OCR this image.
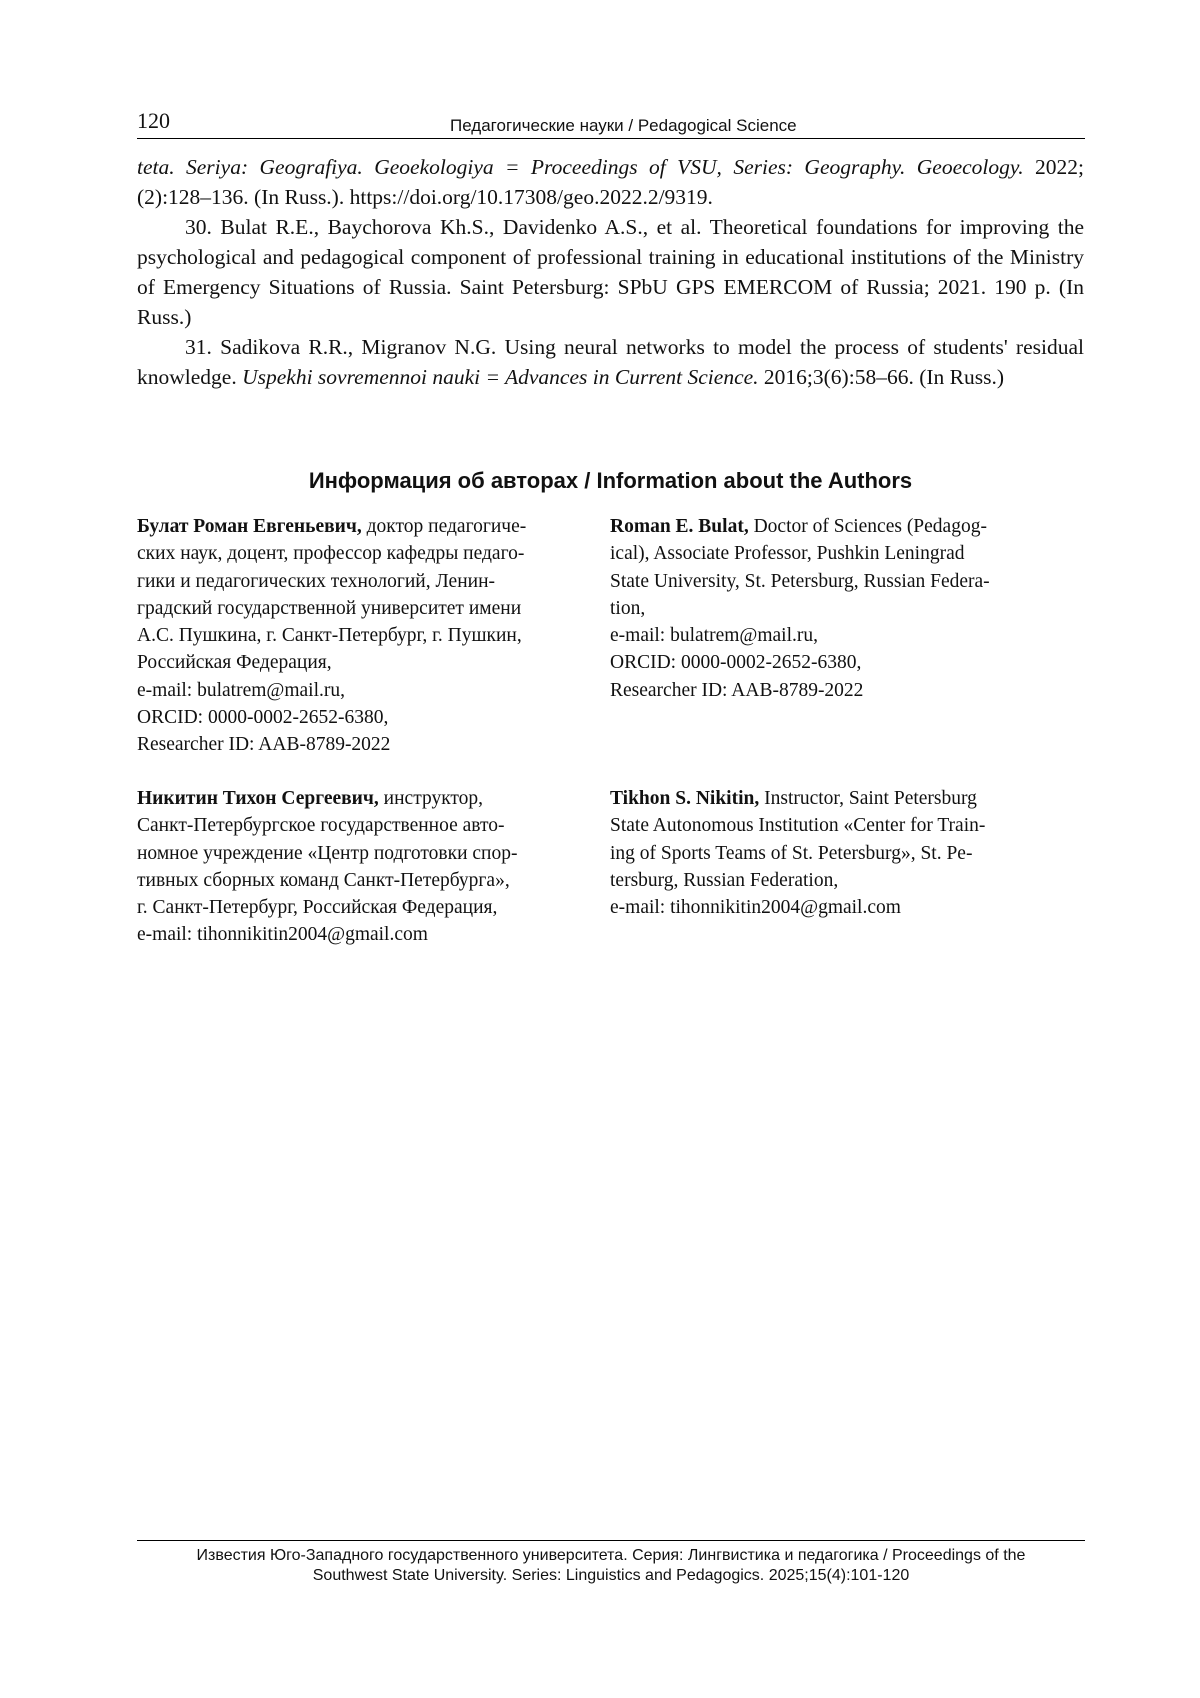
120	Педагогические науки / Pedagogical Science

teta. Seriya: Geografiya. Geoekologiya = Proceedings of VSU, Series: Geography. Geoecology. 2022;(2):128–136. (In Russ.). https://doi.org/10.17308/geo.2022.2/9319.

30. Bulat R.E., Baychorova Kh.S., Davidenko A.S., et al. Theoretical foundations for improving the psychological and pedagogical component of professional training in educational institutions of the Ministry of Emergency Situations of Russia. Saint Petersburg: SPbU GPS EMERCOM of Russia; 2021. 190 p. (In Russ.)

31. Sadikova R.R., Migranov N.G. Using neural networks to model the process of students' residual knowledge. Uspekhi sovremennoi nauki = Advances in Current Science. 2016;3(6):58–66. (In Russ.)

Информация об авторах / Information about the Authors
Булат Роман Евгеньевич, доктор педагогиче-
ских наук, доцент, профессор кафедры педаго-
гики и педагогических технологий, Ленин-
градский государственной университет имени
А.С. Пушкина, г. Санкт-Петербург, г. Пушкин,
Российская Федерация,
e-mail: bulatrem@mail.ru,
ORCID: 0000-0002-2652-6380,
Researcher ID: AAB-8789-2022
Roman E. Bulat, Doctor of Sciences (Pedagog-
ical), Associate Professor, Pushkin Leningrad
State University, St. Petersburg, Russian Federa-
tion,
e-mail: bulatrem@mail.ru,
ORCID: 0000-0002-2652-6380,
Researcher ID: AAB-8789-2022
Никитин Тихон Сергеевич, инструктор,
Санкт-Петербургское государственное авто-
номное учреждение «Центр подготовки спор-
тивных сборных команд Санкт-Петербурга»,
г. Санкт-Петербург, Российская Федерация,
e-mail: tihonnikitin2004@gmail.com
Tikhon S. Nikitin, Instructor, Saint Petersburg
State Autonomous Institution «Center for Train-
ing of Sports Teams of St. Petersburg», St. Pe-
tersburg, Russian Federation,
e-mail: tihonnikitin2004@gmail.com
Известия Юго-Западного государственного университета. Серия: Лингвистика и педагогика / Proceedings of the
Southwest State University. Series: Linguistics and Pedagogics. 2025;15(4):101-120
